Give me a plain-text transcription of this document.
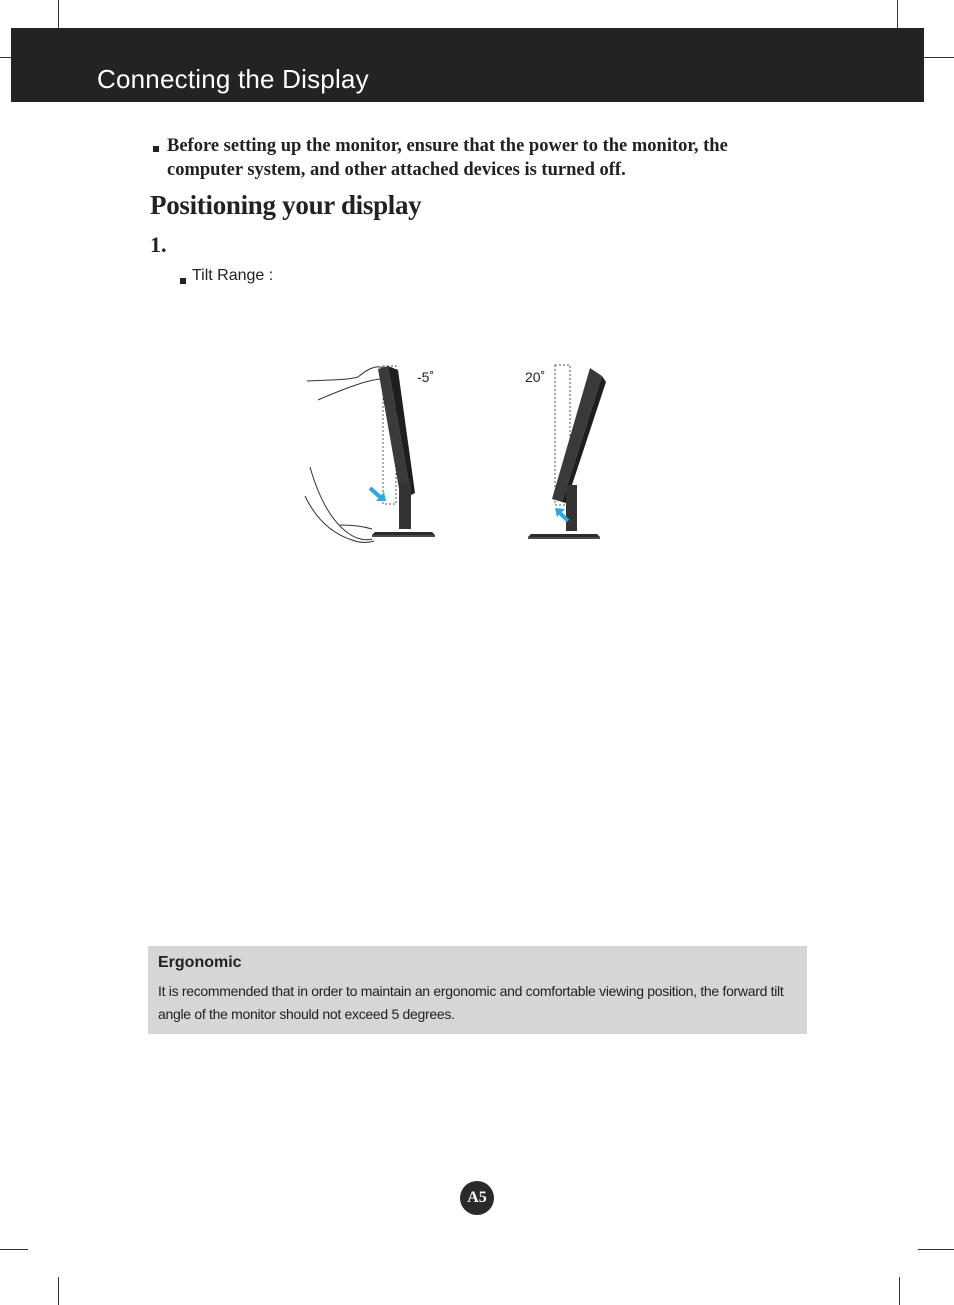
Connecting the Display
Before setting up the monitor, ensure that the power to the monitor, the computer system, and other attached devices is turned off.
Positioning your display
1.
Tilt Range :
-5˚	20˚
Ergonomic
It is recommended that in order to maintain an ergonomic and comfortable viewing position, the forward tilt angle of the monitor should not exceed 5 degrees.
A5
